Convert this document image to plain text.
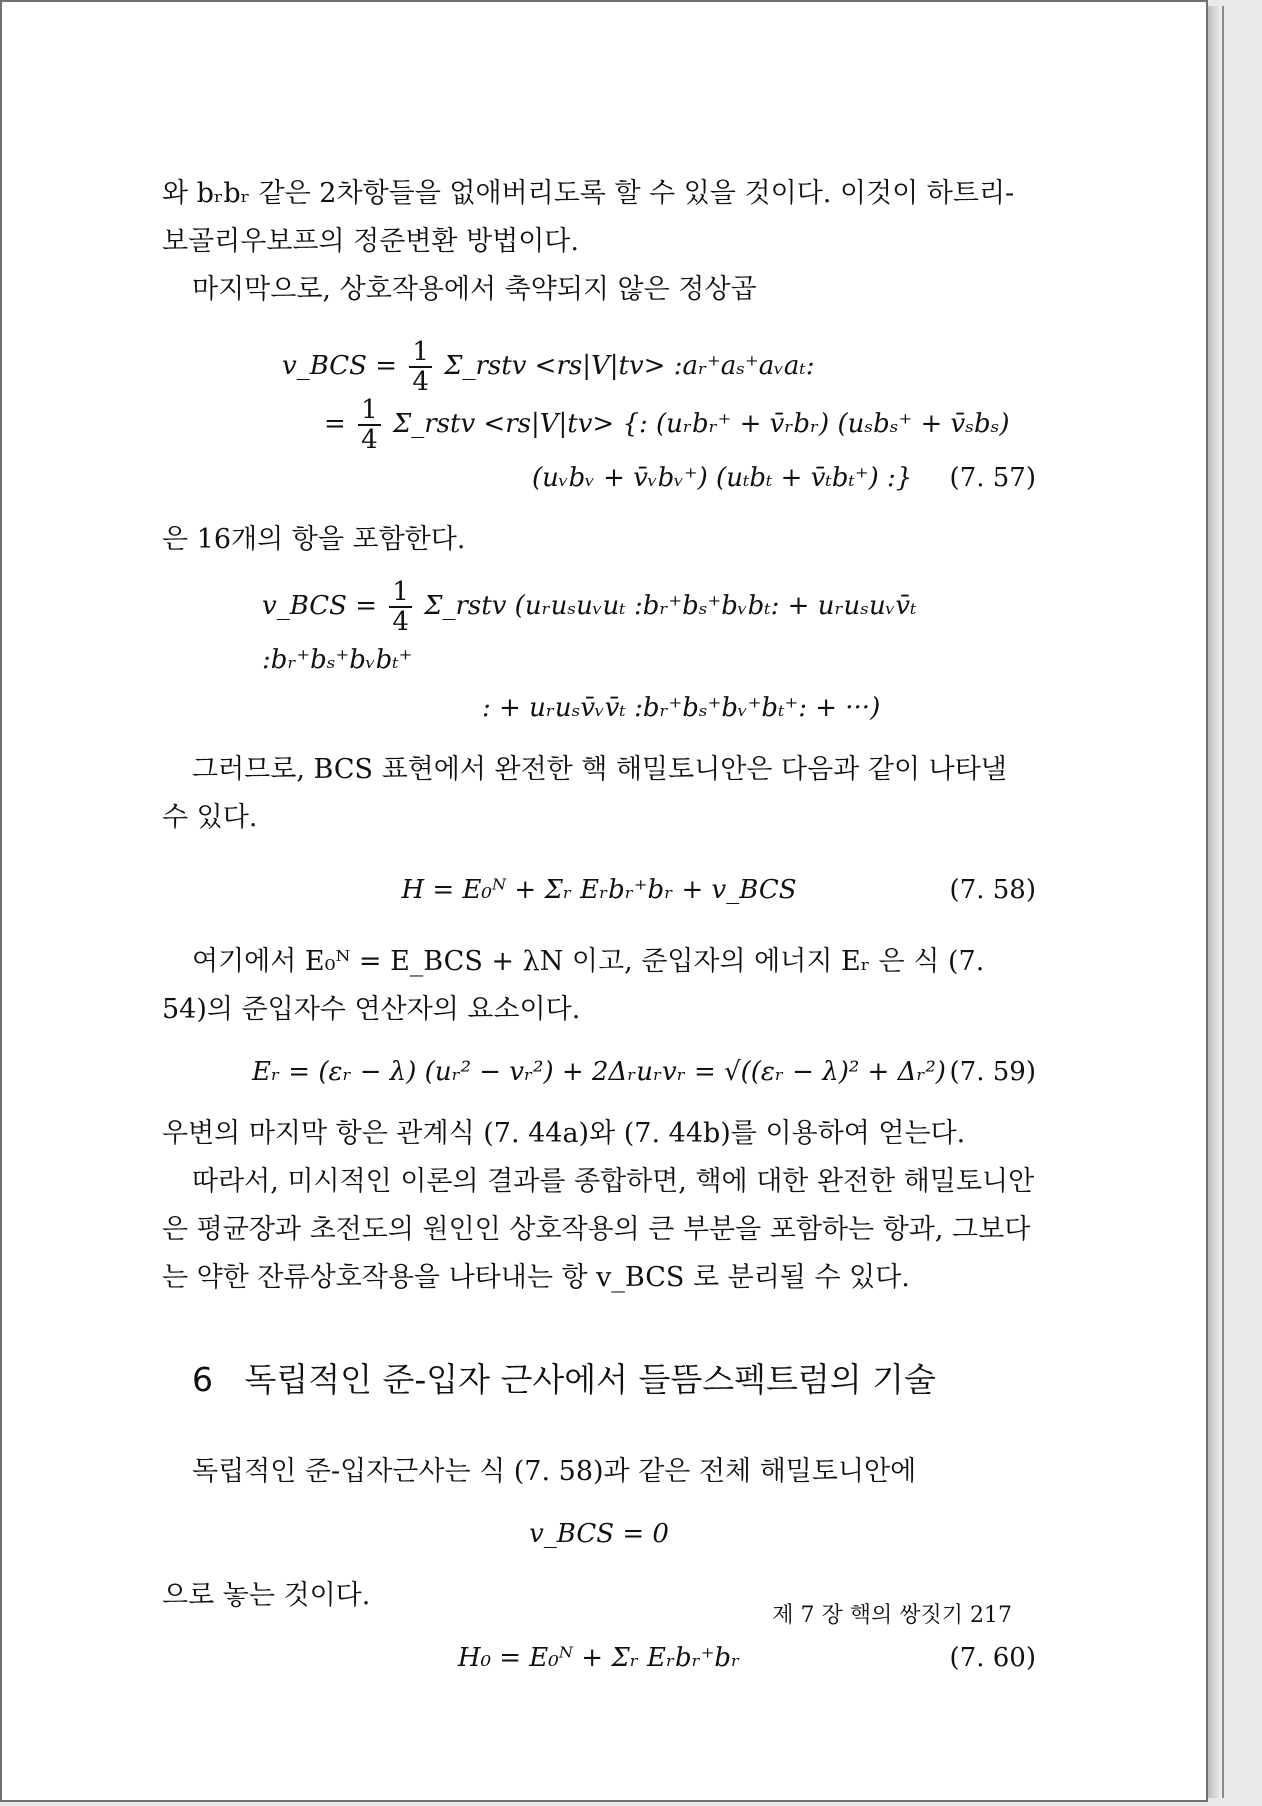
와 bᵣbᵣ 같은 2차항들을 없애버리도록 할 수 있을 것이다. 이것이 하트리-보골리우보프의 정준변환 방법이다.

마지막으로, 상호작용에서 축약되지 않은 정상곱

v_BCS = $\frac{1}{4}$ Σ_rstv <rs|V|tv> :aᵣ⁺aₛ⁺aᵥaₜ:
= $\frac{1}{4}$ Σ_rstv <rs|V|tv> {: (uᵣbᵣ⁺ + v̄ᵣbᵣ) (uₛbₛ⁺ + v̄ₛbₛ)
(uᵥbᵥ + v̄ᵥbᵥ⁺) (uₜbₜ + v̄ₜbₜ⁺) :}	(7. 57)

은 16개의 항을 포함한다.

v_BCS = $\frac{1}{4}$ Σ_rstv (uᵣuₛuᵥuₜ :bᵣ⁺bₛ⁺bᵥbₜ: + uᵣuₛuᵥv̄ₜ :bᵣ⁺bₛ⁺bᵥbₜ⁺
: + uᵣuₛv̄ᵥv̄ₜ :bᵣ⁺bₛ⁺bᵥ⁺bₜ⁺: + ···)

그러므로, BCS 표현에서 완전한 핵 해밀토니안은 다음과 같이 나타낼 수 있다.

H = E₀ᴺ + Σᵣ Eᵣbᵣ⁺bᵣ + v_BCS	(7. 58)

여기에서 E₀ᴺ = E_BCS + λN 이고, 준입자의 에너지 Eᵣ 은 식 (7. 54)의 준입자수 연산자의 요소이다.

Eᵣ = (εᵣ − λ) (uᵣ² − vᵣ²) + 2Δᵣuᵣvᵣ = √((εᵣ − λ)² + Δᵣ²) (7. 59)

우변의 마지막 항은 관계식 (7. 44a)와 (7. 44b)를 이용하여 얻는다.

따라서, 미시적인 이론의 결과를 종합하면, 핵에 대한 완전한 해밀토니안은 평균장과 초전도의 원인인 상호작용의 큰 부분을 포함하는 항과, 그보다는 약한 잔류상호작용을 나타내는 항 v_BCS 로 분리될 수 있다.

6 독립적인 준-입자 근사에서 들뜸스펙트럼의 기술

독립적인 준-입자근사는 식 (7. 58)과 같은 전체 해밀토니안에

v_BCS = 0

으로 놓는 것이다.

H₀ = E₀ᴺ + Σᵣ Eᵣbᵣ⁺bᵣ	(7. 60)
제 7 장 핵의 쌍짓기 217
